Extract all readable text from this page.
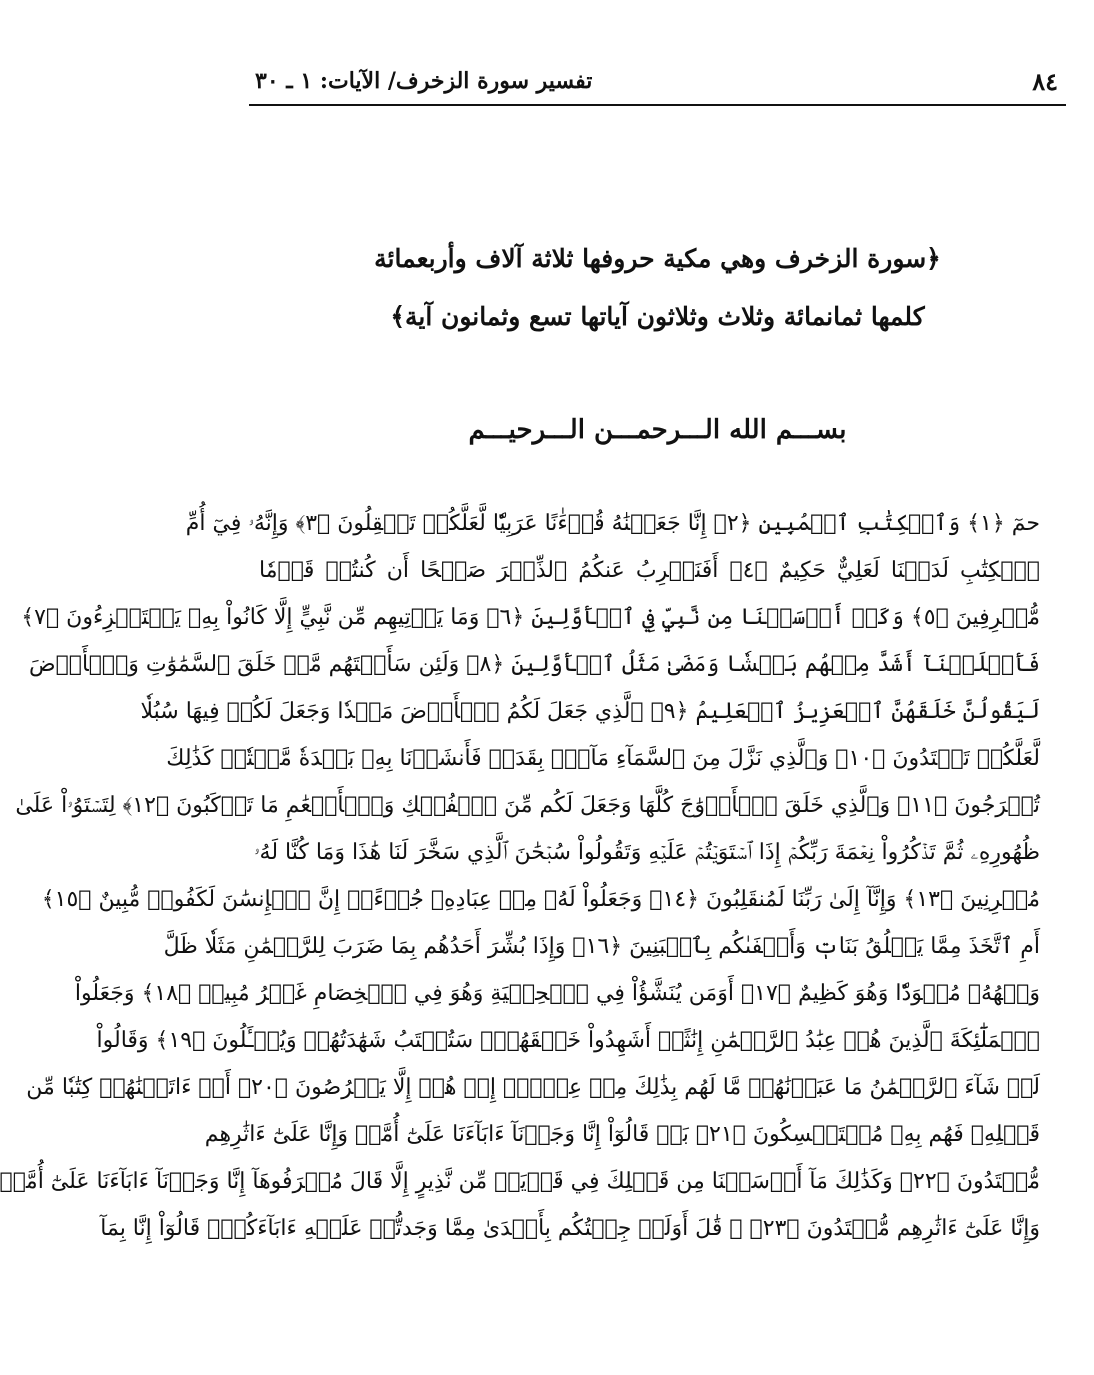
٨٤
تفسير سورة الزخرف/ الآيات: ١ ـ ٣٠
﴿سورة الزخرف وهي مكية حروفها ثلاثة آلاف وأربعمائة
كلمها ثمانمائة وثلاث وثلاثون آياتها تسع وثمانون آية﴾
بســـم الله الـــرحمـــن الـــرحيـــم
حمٓ ﴿١﴾ وَٱلۡكِتَٰبِ ٱلۡمُبِينِ ﴿٢﴾ إِنَّا جَعَلۡنَٰهُ قُرۡءَٰنًا عَرَبِيّٗا لَّعَلَّكُمۡ تَعۡقِلُونَ ﴿٣﴾ وَإِنَّهُۥ فِيٓ أُمِّ
ٱلۡكِتَٰبِ لَدَيۡنَا لَعَلِيٌّ حَكِيمٌ ﴿٤﴾ أَفَنَضۡرِبُ عَنكُمُ ٱلذِّكۡرَ صَفۡحًا أَن كُنتُمۡ قَوۡمٗا
مُّسۡرِفِينَ ﴿٥﴾ وَكَمۡ أَرۡسَلۡنَا مِن نَّبِيّٖ فِي ٱلۡأَوَّلِينَ ﴿٦﴾ وَمَا يَأۡتِيهِم مِّن نَّبِيٍّ إِلَّا كَانُواْ بِهِۦ يَسۡتَهۡزِءُونَ ﴿٧﴾
فَأَهۡلَكۡنَآ أَشَدَّ مِنۡهُم بَطۡشٗا وَمَضَىٰ مَثَلُ ٱلۡأَوَّلِينَ ﴿٨﴾ وَلَئِن سَأَلۡتَهُم مَّنۡ خَلَقَ ٱلسَّمَٰوَٰتِ وَٱلۡأَرۡضَ
لَيَقُولُنَّ خَلَقَهُنَّ ٱلۡعَزِيزُ ٱلۡعَلِيمُ ﴿٩﴾ ٱلَّذِي جَعَلَ لَكُمُ ٱلۡأَرۡضَ مَهۡدٗا وَجَعَلَ لَكُمۡ فِيهَا سُبُلٗا
لَّعَلَّكُمۡ تَهۡتَدُونَ ﴿١٠﴾ وَٱلَّذِي نَزَّلَ مِنَ ٱلسَّمَآءِ مَآءَۢ بِقَدَرٖ فَأَنشَرۡنَا بِهِۦ بَلۡدَةٗ مَّيۡتٗاۚ كَذَٰلِكَ
تُخۡرَجُونَ ﴿١١﴾ وَٱلَّذِي خَلَقَ ٱلۡأَزۡوَٰجَ كُلَّهَا وَجَعَلَ لَكُم مِّنَ ٱلۡفُلۡكِ وَٱلۡأَنۡعَٰمِ مَا تَرۡكَبُونَ ﴿١٢﴾ لِتَسۡتَوُۥاْ عَلَىٰ
ظُهُورِهِۦ ثُمَّ تَذۡكُرُواْ نِعۡمَةَ رَبِّكُمۡ إِذَا ٱسۡتَوَيۡتُمۡ عَلَيۡهِ وَتَقُولُواْ سُبۡحَٰنَ ٱلَّذِي سَخَّرَ لَنَا هَٰذَا وَمَا كُنَّا لَهُۥ
مُقۡرِنِينَ ﴿١٣﴾ وَإِنَّآ إِلَىٰ رَبِّنَا لَمُنقَلِبُونَ ﴿١٤﴾ وَجَعَلُواْ لَهُۥ مِنۡ عِبَادِهِۦ جُزۡءًاۚ إِنَّ ٱلۡإِنسَٰنَ لَكَفُورٞ مُّبِينٌ ﴿١٥﴾
أَمِ ٱتَّخَذَ مِمَّا يَخۡلُقُ بَنَاتٖ وَأَصۡفَىٰكُم بِٱلۡبَنِينَ ﴿١٦﴾ وَإِذَا بُشِّرَ أَحَدُهُم بِمَا ضَرَبَ لِلرَّحۡمَٰنِ مَثَلٗا ظَلَّ
وَجۡهُهُۥ مُسۡوَدّٗا وَهُوَ كَظِيمٌ ﴿١٧﴾ أَوَمَن يُنَشَّؤُاْ فِي ٱلۡحِلۡيَةِ وَهُوَ فِي ٱلۡخِصَامِ غَيۡرُ مُبِينٖ ﴿١٨﴾ وَجَعَلُواْ
ٱلۡمَلَٰٓئِكَةَ ٱلَّذِينَ هُمۡ عِبَٰدُ ٱلرَّحۡمَٰنِ إِنَٰثًاۚ أَشَهِدُواْ خَلۡقَهُمۡۚ سَتُكۡتَبُ شَهَٰدَتُهُمۡ وَيُسۡـَٔلُونَ ﴿١٩﴾ وَقَالُواْ
لَوۡ شَآءَ ٱلرَّحۡمَٰنُ مَا عَبَدۡنَٰهُمۗ مَّا لَهُم بِذَٰلِكَ مِنۡ عِلۡمٍۖ إِنۡ هُمۡ إِلَّا يَخۡرُصُونَ ﴿٢٠﴾ أَمۡ ءَاتَيۡنَٰهُمۡ كِتَٰبٗا مِّن
قَبۡلِهِۦ فَهُم بِهِۦ مُسۡتَمۡسِكُونَ ﴿٢١﴾ بَلۡ قَالُوٓاْ إِنَّا وَجَدۡنَآ ءَابَآءَنَا عَلَىٰٓ أُمَّةٖ وَإِنَّا عَلَىٰٓ ءَاثَٰرِهِم
مُّهۡتَدُونَ ﴿٢٢﴾ وَكَذَٰلِكَ مَآ أَرۡسَلۡنَا مِن قَبۡلِكَ فِي قَرۡيَةٖ مِّن نَّذِيرٍ إِلَّا قَالَ مُتۡرَفُوهَآ إِنَّا وَجَدۡنَآ ءَابَآءَنَا عَلَىٰٓ أُمَّةٖ
وَإِنَّا عَلَىٰٓ ءَاثَٰرِهِم مُّقۡتَدُونَ ﴿٢٣﴾ ۞ قَٰلَ أَوَلَوۡ جِئۡتُكُم بِأَهۡدَىٰ مِمَّا وَجَدتُّمۡ عَلَيۡهِ ءَابَآءَكُمۡۖ قَالُوٓاْ إِنَّا بِمَآ
